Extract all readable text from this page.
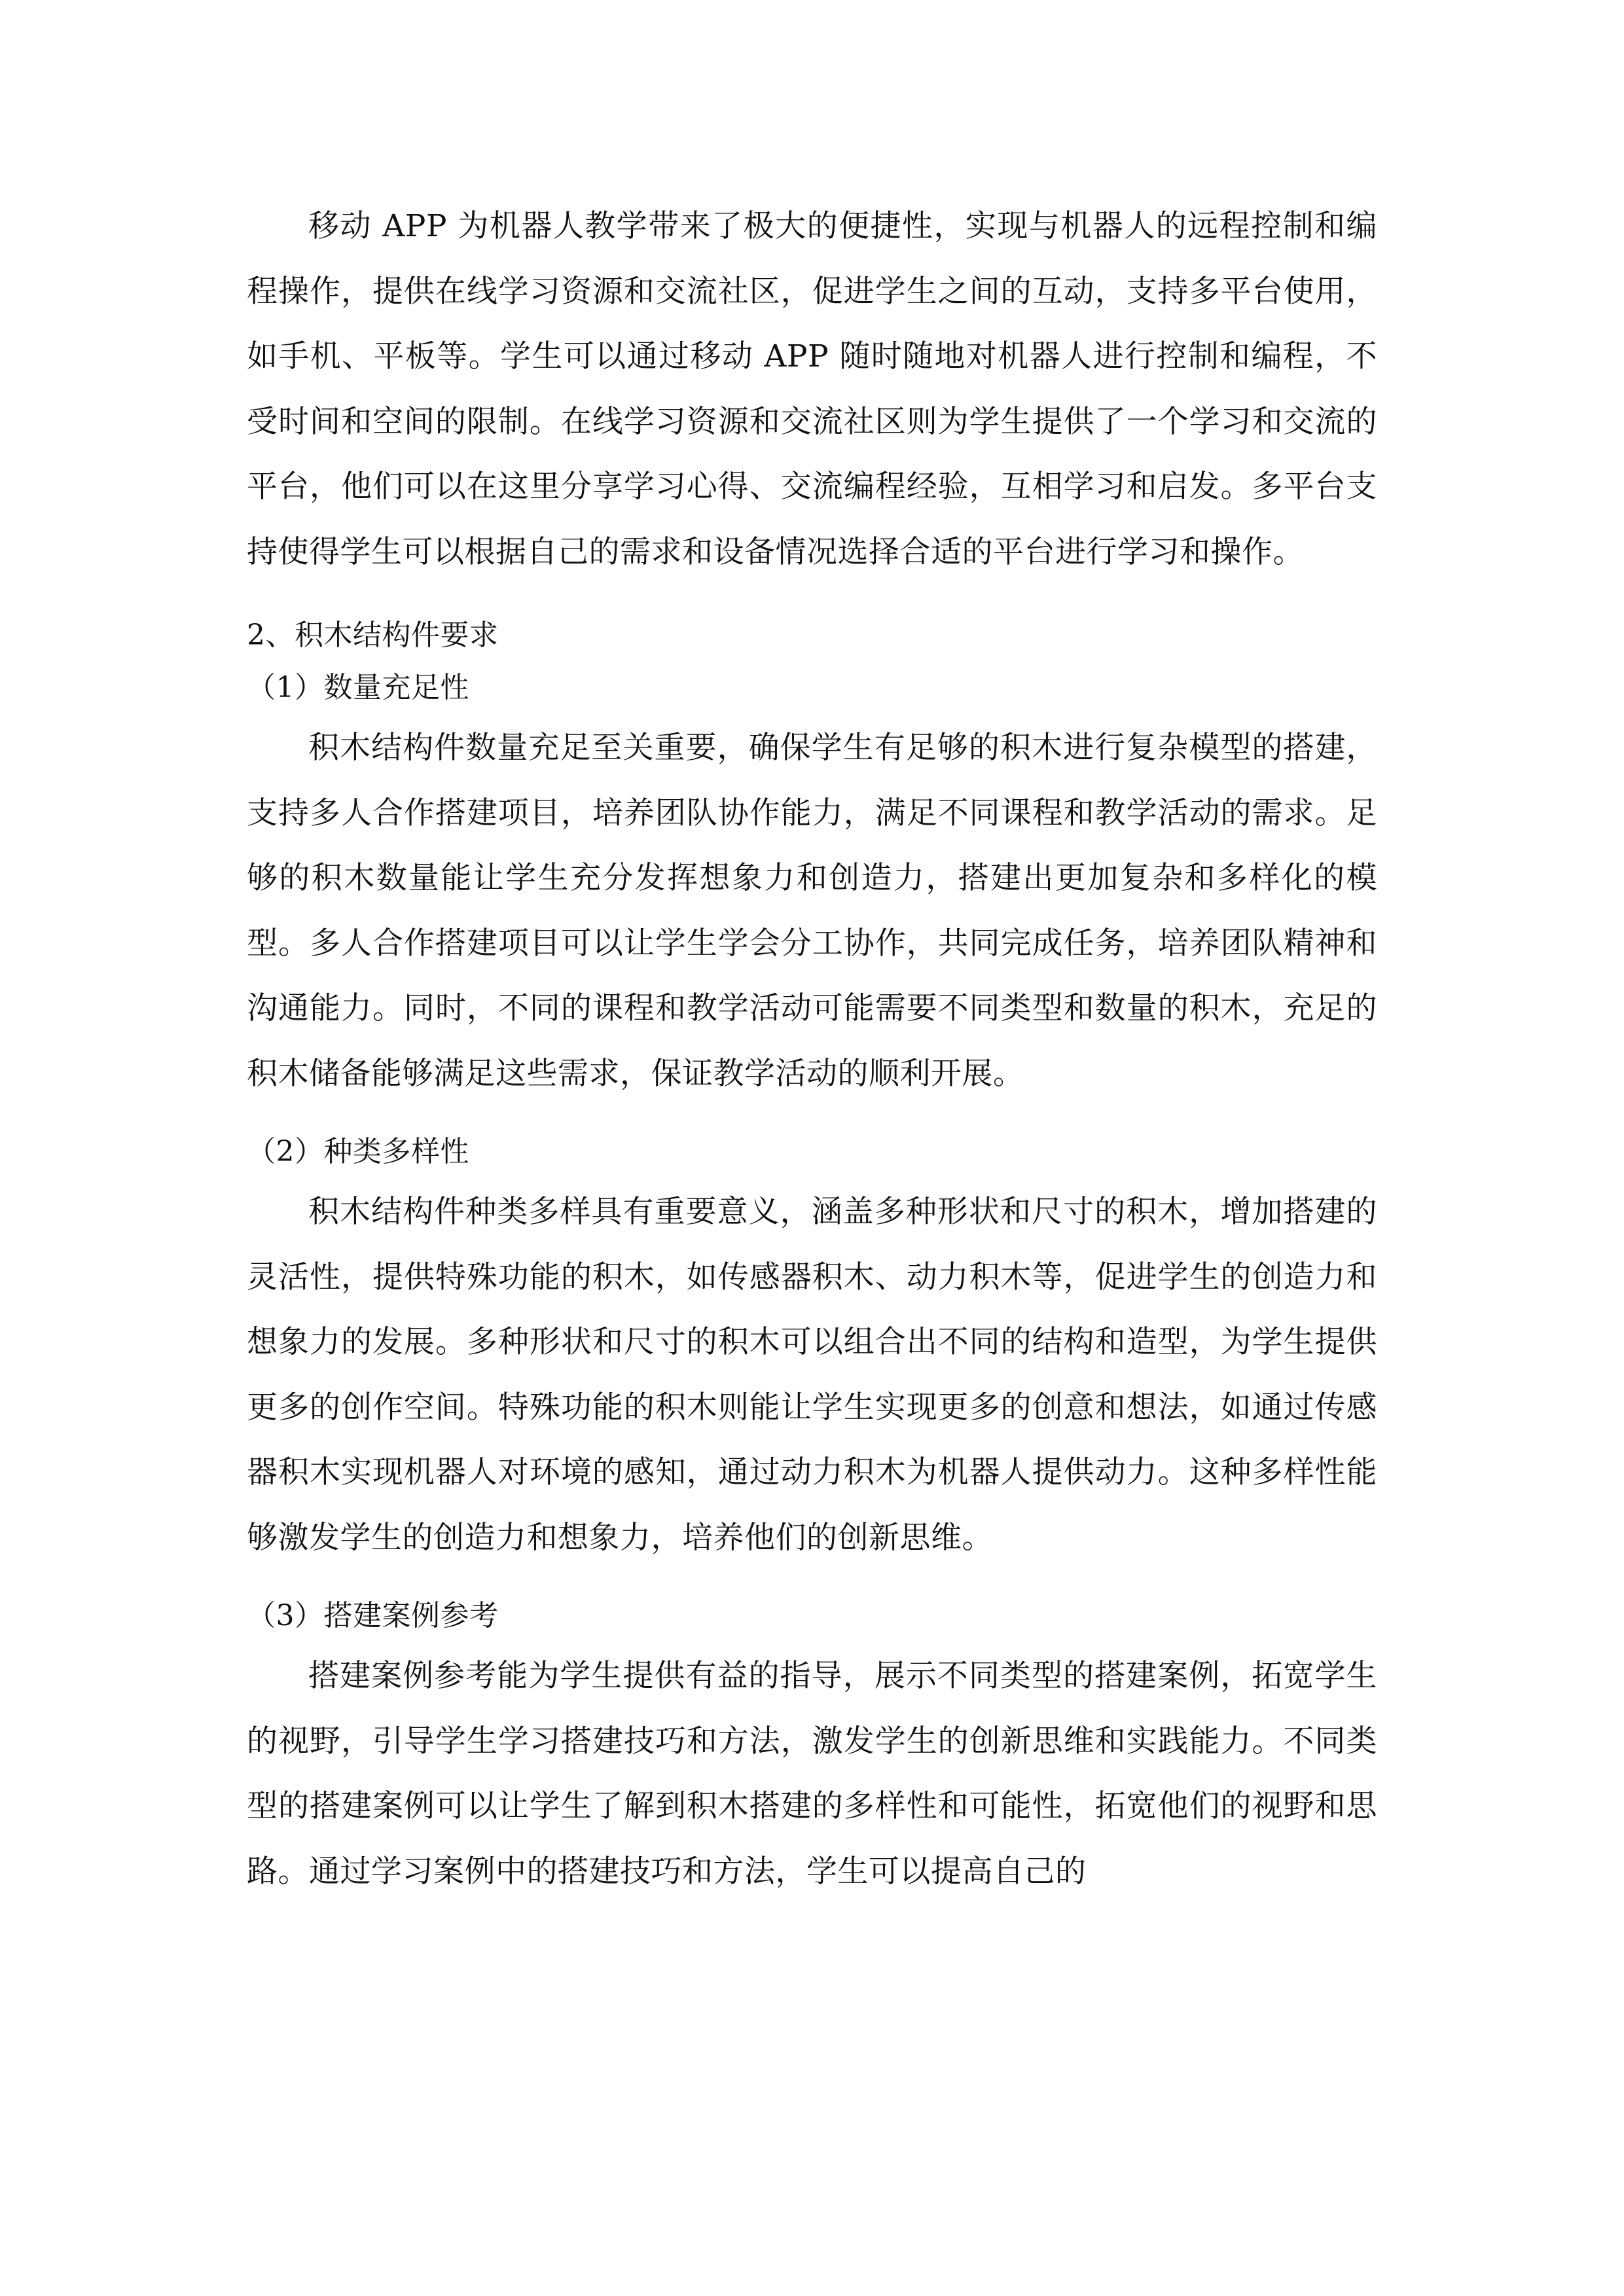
移动 APP 为机器人教学带来了极大的便捷性，实现与机器人的远程控制和编程操作，提供在线学习资源和交流社区，促进学生之间的互动，支持多平台使用，如手机、平板等。学生可以通过移动 APP 随时随地对机器人进行控制和编程，不受时间和空间的限制。在线学习资源和交流社区则为学生提供了一个学习和交流的平台，他们可以在这里分享学习心得、交流编程经验，互相学习和启发。多平台支持使得学生可以根据自己的需求和设备情况选择合适的平台进行学习和操作。

2、积木结构件要求

（1）数量充足性

积木结构件数量充足至关重要，确保学生有足够的积木进行复杂模型的搭建，支持多人合作搭建项目，培养团队协作能力，满足不同课程和教学活动的需求。足够的积木数量能让学生充分发挥想象力和创造力，搭建出更加复杂和多样化的模型。多人合作搭建项目可以让学生学会分工协作，共同完成任务，培养团队精神和沟通能力。同时，不同的课程和教学活动可能需要不同类型和数量的积木，充足的积木储备能够满足这些需求，保证教学活动的顺利开展。

（2）种类多样性

积木结构件种类多样具有重要意义，涵盖多种形状和尺寸的积木，增加搭建的灵活性，提供特殊功能的积木，如传感器积木、动力积木等，促进学生的创造力和想象力的发展。多种形状和尺寸的积木可以组合出不同的结构和造型，为学生提供更多的创作空间。特殊功能的积木则能让学生实现更多的创意和想法，如通过传感器积木实现机器人对环境的感知，通过动力积木为机器人提供动力。这种多样性能够激发学生的创造力和想象力，培养他们的创新思维。

（3）搭建案例参考

搭建案例参考能为学生提供有益的指导，展示不同类型的搭建案例，拓宽学生的视野，引导学生学习搭建技巧和方法，激发学生的创新思维和实践能力。不同类型的搭建案例可以让学生了解到积木搭建的多样性和可能性，拓宽他们的视野和思路。通过学习案例中的搭建技巧和方法，学生可以提高自己的
